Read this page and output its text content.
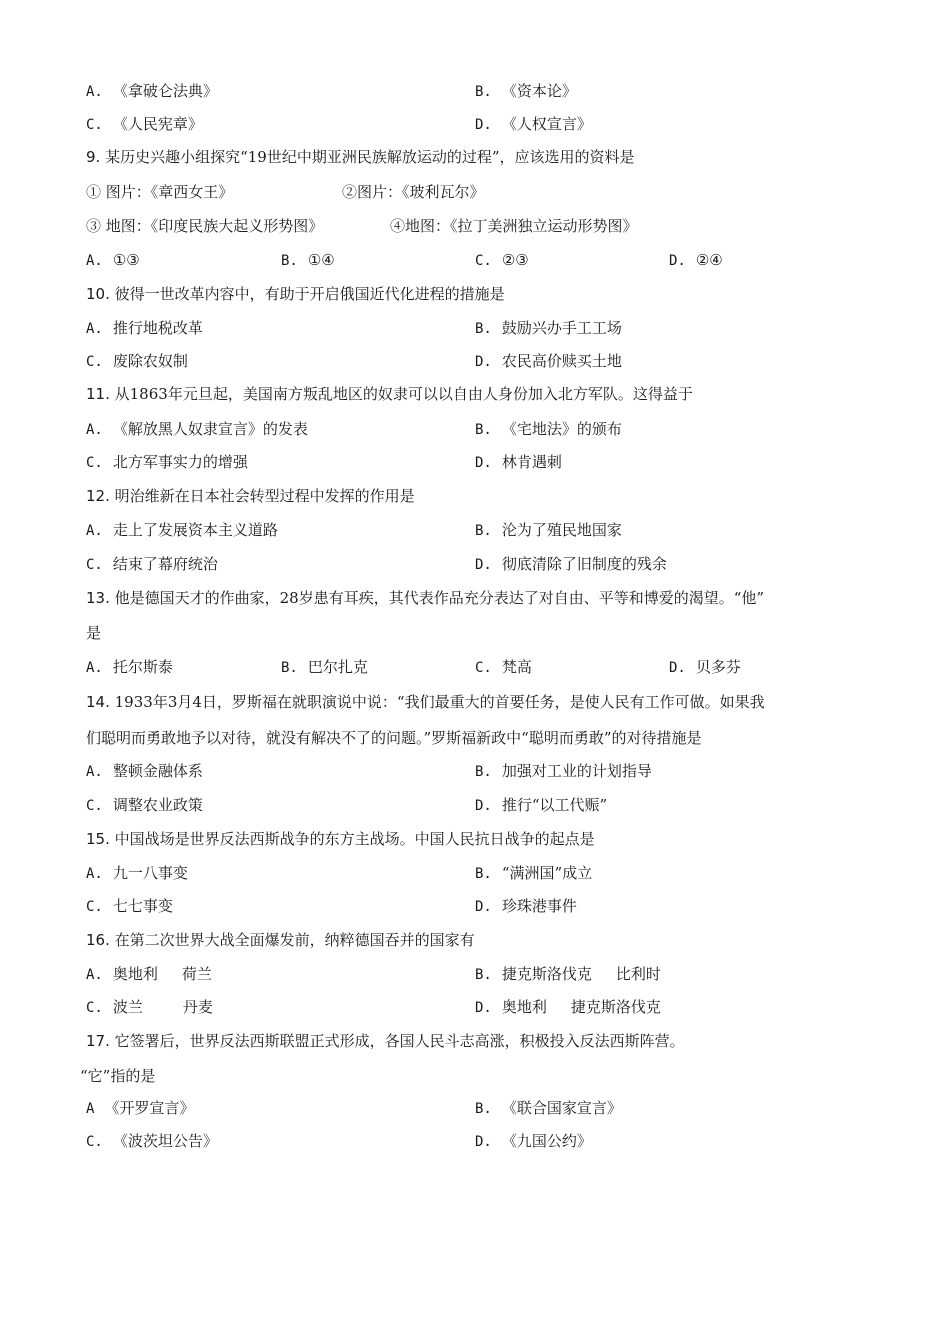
A. 《拿破仑法典》	B. 《资本论》
C. 《人民宪章》	D. 《人权宣言》
9. 某历史兴趣小组探究“19世纪中期亚洲民族解放运动的过程”，应该选用的资料是
① 图片：《章西女王》	②图片：《玻利瓦尔》
③ 地图：《印度民族大起义形势图》	④地图：《拉丁美洲独立运动形势图》
A. ①③	B. ①④	C. ②③	D. ②④
10. 彼得一世改革内容中，有助于开启俄国近代化进程的措施是
A. 推行地税改革	B. 鼓励兴办手工工场
C. 废除农奴制	D. 农民高价赎买土地
11. 从1863年元旦起，美国南方叛乱地区的奴隶可以以自由人身份加入北方军队。这得益于
A. 《解放黑人奴隶宣言》的发表	B. 《宅地法》的颁布
C. 北方军事实力的增强	D. 林肯遇刺
12. 明治维新在日本社会转型过程中发挥的作用是
A. 走上了发展资本主义道路	B. 沦为了殖民地国家
C. 结束了幕府统治	D. 彻底清除了旧制度的残余
13. 他是德国天才的作曲家，28岁患有耳疾，其代表作品充分表达了对自由、平等和博爱的渴望。“他”
是
A. 托尔斯泰	B. 巴尔扎克	C. 梵高	D. 贝多芬
14. 1933年3月4日，罗斯福在就职演说中说：“我们最重大的首要任务，是使人民有工作可做。如果我
们聪明而勇敢地予以对待，就没有解决不了的问题。”罗斯福新政中“聪明而勇敢”的对待措施是
A. 整顿金融体系	B. 加强对工业的计划指导
C. 调整农业政策	D. 推行“以工代赈”
15. 中国战场是世界反法西斯战争的东方主战场。中国人民抗日战争的起点是
A. 九一八事变	B. “满洲国”成立
C. 七七事变	D. 珍珠港事件
16. 在第二次世界大战全面爆发前，纳粹德国吞并的国家有
A. 奥地利 荷兰	B. 捷克斯洛伐克 比利时
C. 波兰	丹麦	D. 奥地利 捷克斯洛伐克
17. 它签署后，世界反法西斯联盟正式形成，各国人民斗志高涨，积极投入反法西斯阵营。
“它”指的是
A 《开罗宣言》	B. 《联合国家宣言》
C. 《波茨坦公告》	D. 《九国公约》
